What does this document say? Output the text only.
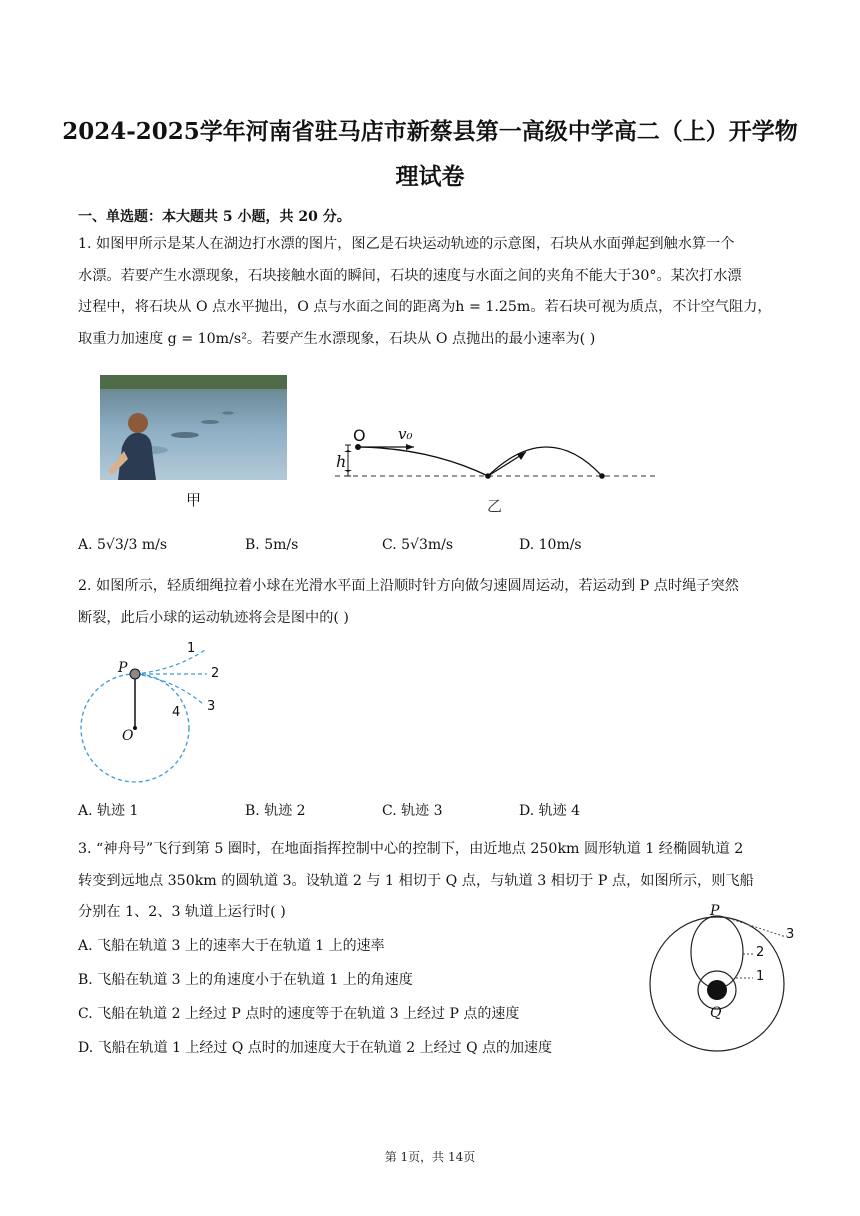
2024-2025学年河南省驻马店市新蔡县第一高级中学高二（上）开学物
理试卷
一、单选题：本大题共 5 小题，共 20 分。
1. 如图甲所示是某人在湖边打水漂的图片，图乙是石块运动轨迹的示意图，石块从水面弹起到触水算一个
水漂。若要产生水漂现象，石块接触水面的瞬间，石块的速度与水面之间的夹角不能大于30°。某次打水漂
过程中，将石块从 O 点水平抛出，O 点与水面之间的距离为h = 1.25m。若石块可视为质点，不计空气阻力，
取重力加速度 g = 10m/s²。若要产生水漂现象，石块从 O 点抛出的最小速率为( )
甲
O v₀
h
乙
A. 5√3/3 m/s	B. 5m/s	C. 5√3m/s	D. 10m/s
2. 如图所示，轻质细绳拉着小球在光滑水平面上沿顺时针方向做匀速圆周运动，若运动到 P 点时绳子突然
断裂，此后小球的运动轨迹将会是图中的( )
P
O
1
2
3
4
A. 轨迹 1	B. 轨迹 2	C. 轨迹 3	D. 轨迹 4
3. “神舟号”飞行到第 5 圈时，在地面指挥控制中心的控制下，由近地点 250km 圆形轨道 1 经椭圆轨道 2
转变到远地点 350km 的圆轨道 3。设轨道 2 与 1 相切于 Q 点，与轨道 3 相切于 P 点，如图所示，则飞船
分别在 1、2、3 轨道上运行时( )
A. 飞船在轨道 3 上的速率大于在轨道 1 上的速率
B. 飞船在轨道 3 上的角速度小于在轨道 1 上的角速度
C. 飞船在轨道 2 上经过 P 点时的速度等于在轨道 3 上经过 P 点的速度
D. 飞船在轨道 1 上经过 Q 点时的加速度大于在轨道 2 上经过 Q 点的加速度
P
Q
3
2
1
第 1页，共 14页
